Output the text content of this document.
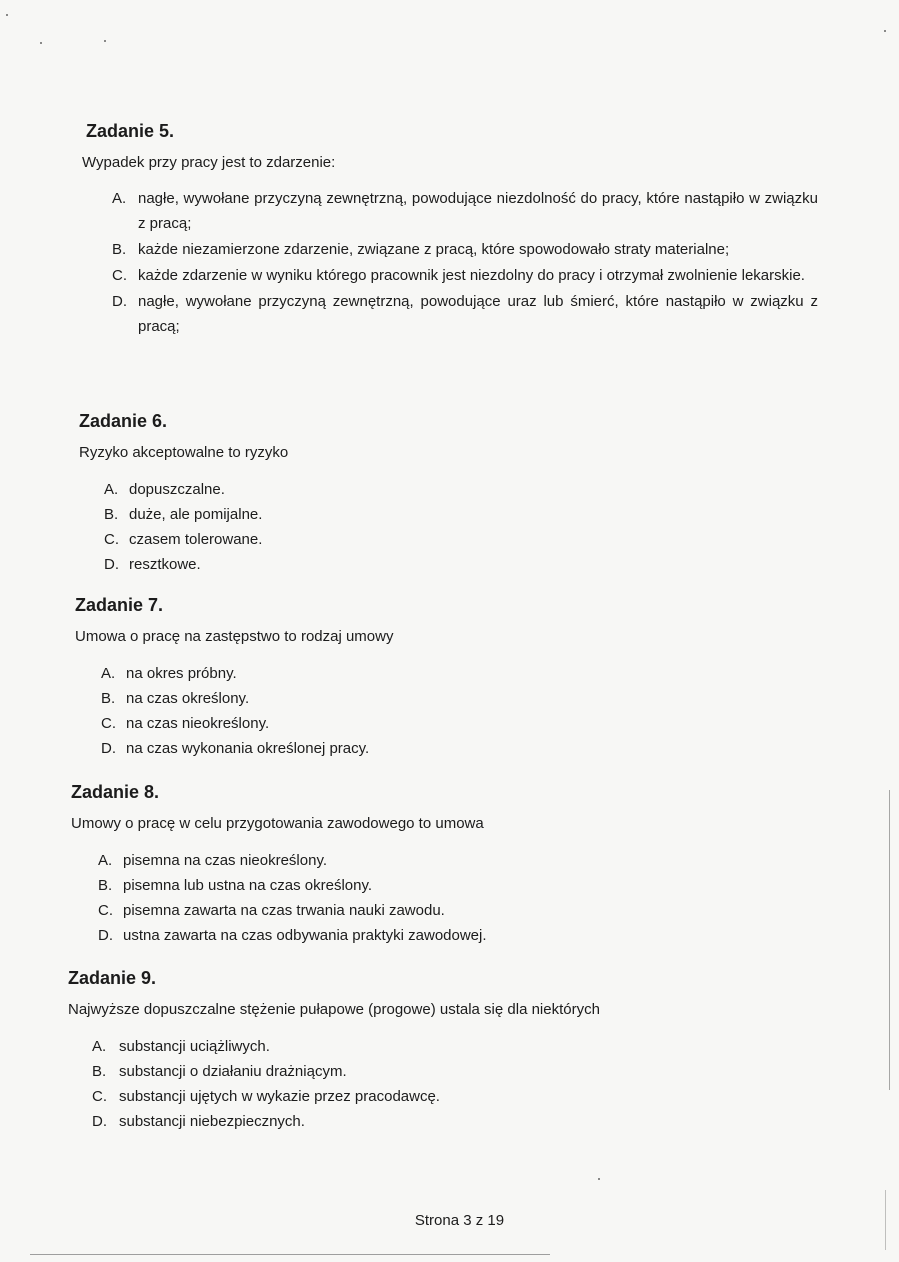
Zadanie 5.

Wypadek przy pracy jest to zdarzenie:

A. nagłe, wywołane przyczyną zewnętrzną, powodujące niezdolność do pracy, które nastąpiło w związku z pracą;
B. każde niezamierzone zdarzenie, związane z pracą, które spowodowało straty materialne;
C. każde zdarzenie w wyniku którego pracownik jest niezdolny do pracy i otrzymał zwolnienie lekarskie.
D. nagłe, wywołane przyczyną zewnętrzną, powodujące uraz lub śmierć, które nastąpiło w związku z pracą;
Zadanie 6.

Ryzyko akceptowalne to ryzyko

A. dopuszczalne.
B. duże, ale pomijalne.
C. czasem tolerowane.
D. resztkowe.
Zadanie 7.

Umowa o pracę na zastępstwo to rodzaj umowy

A. na okres próbny.
B. na czas określony.
C. na czas nieokreślony.
D. na czas wykonania określonej pracy.
Zadanie 8.

Umowy o pracę w celu przygotowania zawodowego to umowa

A. pisemna na czas nieokreślony.
B. pisemna lub ustna na czas określony.
C. pisemna zawarta na czas trwania nauki zawodu.
D. ustna zawarta na czas odbywania praktyki zawodowej.
Zadanie 9.

Najwyższe dopuszczalne stężenie pułapowe (progowe) ustala się dla niektórych

A. substancji uciążliwych.
B. substancji o działaniu drażniącym.
C. substancji ujętych w wykazie przez pracodawcę.
D. substancji niebezpiecznych.
Strona 3 z 19
